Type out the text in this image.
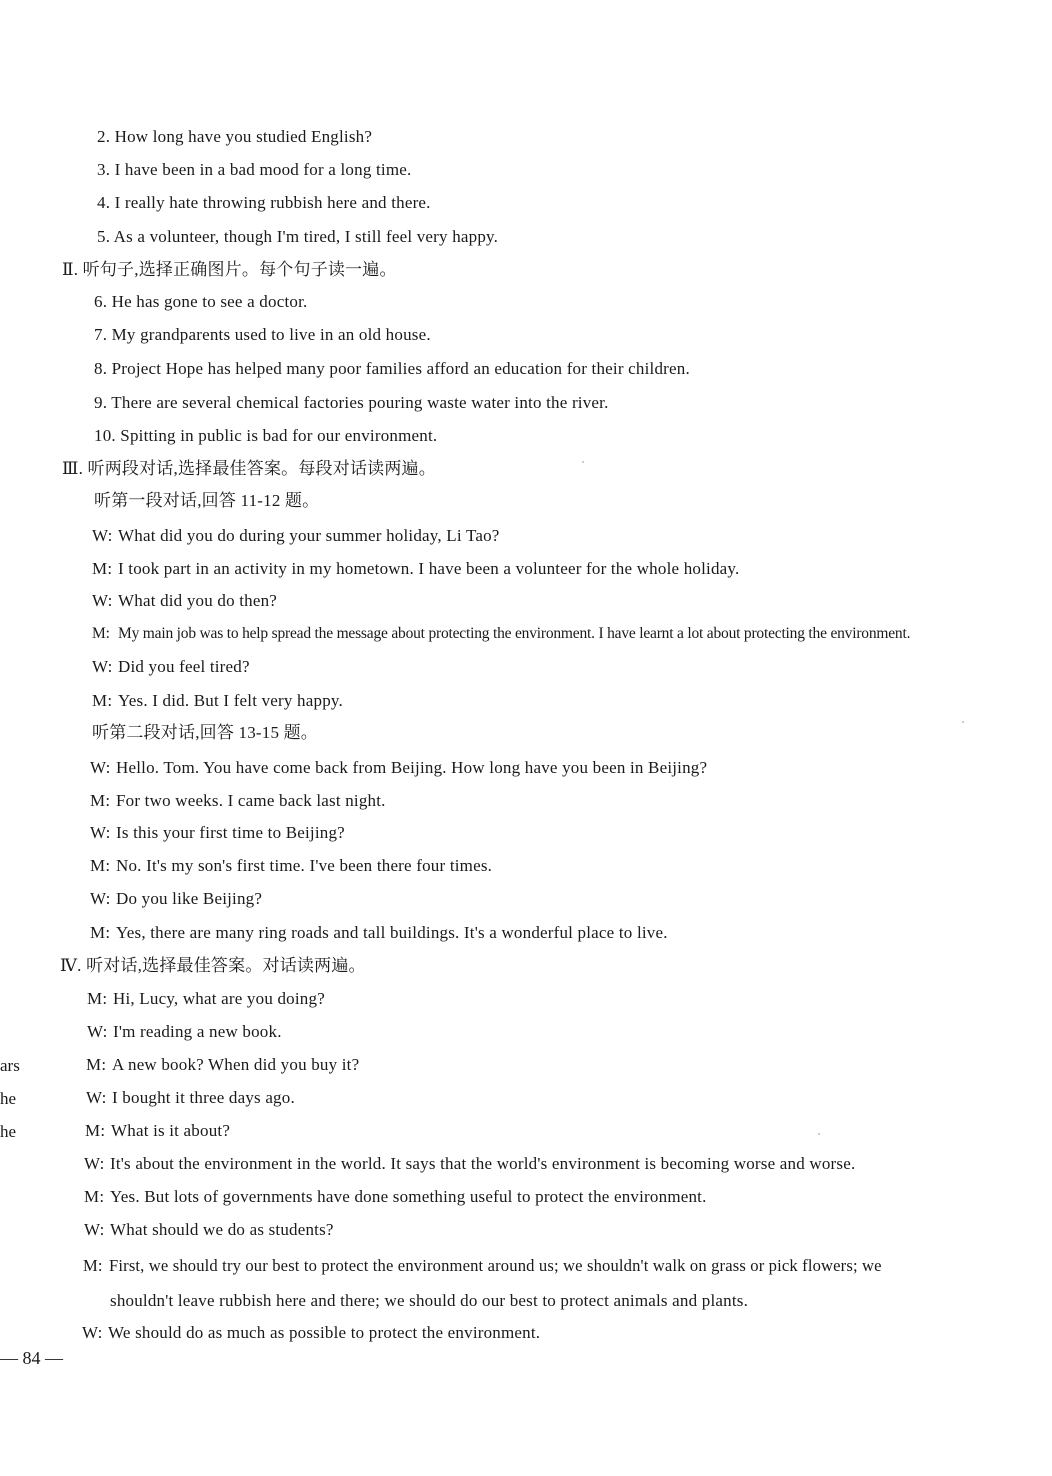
2. How long have you studied English?
3. I have been in a bad mood for a long time.
4. I really hate throwing rubbish here and there.
5. As a volunteer, though I'm tired, I still feel very happy.
Ⅱ. 听句子,选择正确图片。每个句子读一遍。
6. He has gone to see a doctor.
7. My grandparents used to live in an old house.
8. Project Hope has helped many poor families afford an education for their children.
9. There are several chemical factories pouring waste water into the river.
10. Spitting in public is bad for our environment.
Ⅲ. 听两段对话,选择最佳答案。每段对话读两遍。
听第一段对话,回答 11-12 题。
W: What did you do during your summer holiday, Li Tao?
M: I took part in an activity in my hometown. I have been a volunteer for the whole holiday.
W: What did you do then?
M: My main job was to help spread the message about protecting the environment. I have learnt a lot about protecting the environment.
W: Did you feel tired?
M: Yes. I did. But I felt very happy.
听第二段对话,回答 13-15 题。
W: Hello. Tom. You have come back from Beijing. How long have you been in Beijing?
M: For two weeks. I came back last night.
W: Is this your first time to Beijing?
M: No. It's my son's first time. I've been there four times.
W: Do you like Beijing?
M: Yes, there are many ring roads and tall buildings. It's a wonderful place to live.
Ⅳ. 听对话,选择最佳答案。对话读两遍。
M: Hi, Lucy, what are you doing?
W: I'm reading a new book.
M: A new book? When did you buy it?
W: I bought it three days ago.
M: What is it about?
W: It's about the environment in the world. It says that the world's environment is becoming worse and worse.
M: Yes. But lots of governments have done something useful to protect the environment.
W: What should we do as students?
M: First, we should try our best to protect the environment around us; we shouldn't walk on grass or pick flowers; we
shouldn't leave rubbish here and there; we should do our best to protect animals and plants.
W: We should do as much as possible to protect the environment.
ars
he
he
— 84 —
